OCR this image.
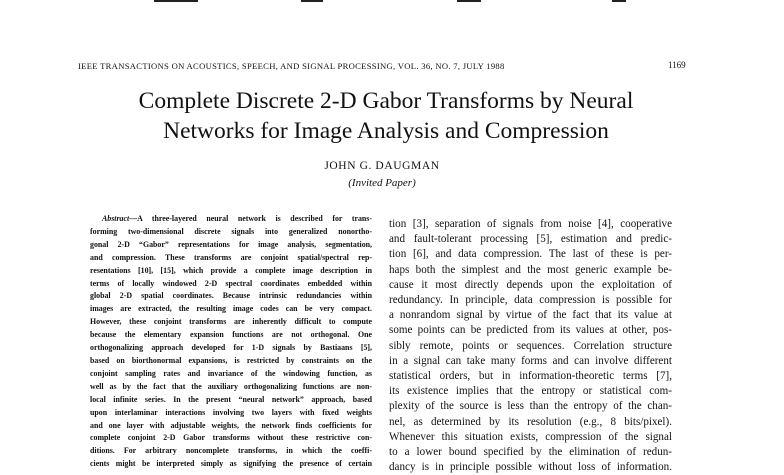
IEEE TRANSACTIONS ON ACOUSTICS, SPEECH, AND SIGNAL PROCESSING, VOL. 36, NO. 7, JULY 1988	1169
Complete Discrete 2-D Gabor Transforms by Neural
Networks for Image Analysis and Compression
JOHN G. DAUGMAN
(Invited Paper)
Abstract—A three-layered neural network is described for trans-
forming two-dimensional discrete signals into generalized nonortho-
gonal 2-D “Gabor” representations for image analysis, segmentation,
and compression. These transforms are conjoint spatial/spectral rep-
resentations [10], [15], which provide a complete image description in
terms of locally windowed 2-D spectral coordinates embedded within
global 2-D spatial coordinates. Because intrinsic redundancies within
images are extracted, the resulting image codes can be very compact.
However, these conjoint transforms are inherently difficult to compute
because the elementary expansion functions are not orthogonal. One
orthogonalizing approach developed for 1-D signals by Bastiaans [5],
based on biorthonormal expansions, is restricted by constraints on the
conjoint sampling rates and invariance of the windowing function, as
well as by the fact that the auxiliary orthogonalizing functions are non-
local infinite series. In the present “neural network” approach, based
upon interlaminar interactions involving two layers with fixed weights
and one layer with adjustable weights, the network finds coefficients for
complete conjoint 2-D Gabor transforms without these restrictive con-
ditions. For arbitrary noncomplete transforms, in which the coeffi-
cients might be interpreted simply as signifying the presence of certain
tion [3], separation of signals from noise [4], cooperative
and fault-tolerant processing [5], estimation and predic-
tion [6], and data compression. The last of these is per-
haps both the simplest and the most generic example be-
cause it most directly depends upon the exploitation of
redundancy. In principle, data compression is possible for
a nonrandom signal by virtue of the fact that its value at
some points can be predicted from its values at other, pos-
sibly remote, points or sequences. Correlation structure
in a signal can take many forms and can involve different
statistical orders, but in information-theoretic terms [7],
its existence implies that the entropy or statistical com-
plexity of the source is less than the entropy of the chan-
nel, as determined by its resolution (e.g., 8 bits/pixel).
Whenever this situation exists, compression of the signal
to a lower bound specified by the elimination of redun-
dancy is in principle possible without loss of information.
